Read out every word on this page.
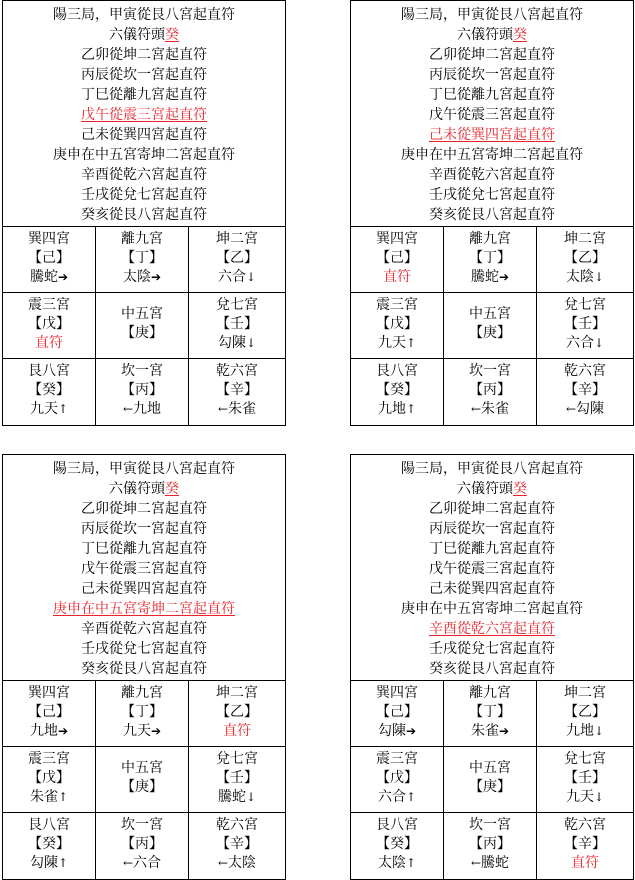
陽三局，甲寅從艮八宮起直符
六儀符頭癸
乙卯從坤二宮起直符
丙辰從坎一宮起直符
丁巳從離九宮起直符
戊午從震三宮起直符
己未從巽四宮起直符
庚申在中五宮寄坤二宮起直符
辛酉從乾六宮起直符
壬戌從兌七宮起直符
癸亥從艮八宮起直符
巽四宮
【己】
騰蛇➔
離九宮
【丁】
太陰➔
坤二宮
【乙】
六合↓
震三宮
【戊】
直符
中五宮
【庚】
兌七宮
【壬】
勾陳↓
艮八宮
【癸】
九天↑
坎一宮
【丙】
←九地
乾六宮
【辛】
←朱雀
陽三局，甲寅從艮八宮起直符
六儀符頭癸
乙卯從坤二宮起直符
丙辰從坎一宮起直符
丁巳從離九宮起直符
戊午從震三宮起直符
己未從巽四宮起直符
庚申在中五宮寄坤二宮起直符
辛酉從乾六宮起直符
壬戌從兌七宮起直符
癸亥從艮八宮起直符
巽四宮
【己】
直符
離九宮
【丁】
騰蛇➔
坤二宮
【乙】
太陰↓
震三宮
【戊】
九天↑
中五宮
【庚】
兌七宮
【壬】
六合↓
艮八宮
【癸】
九地↑
坎一宮
【丙】
←朱雀
乾六宮
【辛】
←勾陳
陽三局，甲寅從艮八宮起直符
六儀符頭癸
乙卯從坤二宮起直符
丙辰從坎一宮起直符
丁巳從離九宮起直符
戊午從震三宮起直符
己未從巽四宮起直符
庚申在中五宮寄坤二宮起直符
辛酉從乾六宮起直符
壬戌從兌七宮起直符
癸亥從艮八宮起直符
巽四宮
【己】
九地➔
離九宮
【丁】
九天➔
坤二宮
【乙】
直符
震三宮
【戊】
朱雀↑
中五宮
【庚】
兌七宮
【壬】
騰蛇↓
艮八宮
【癸】
勾陳↑
坎一宮
【丙】
←六合
乾六宮
【辛】
←太陰
陽三局，甲寅從艮八宮起直符
六儀符頭癸
乙卯從坤二宮起直符
丙辰從坎一宮起直符
丁巳從離九宮起直符
戊午從震三宮起直符
己未從巽四宮起直符
庚申在中五宮寄坤二宮起直符
辛酉從乾六宮起直符
壬戌從兌七宮起直符
癸亥從艮八宮起直符
巽四宮
【己】
勾陳➔
離九宮
【丁】
朱雀➔
坤二宮
【乙】
九地↓
震三宮
【戊】
六合↑
中五宮
【庚】
兌七宮
【壬】
九天↓
艮八宮
【癸】
太陰↑
坎一宮
【丙】
←騰蛇
乾六宮
【辛】
直符
